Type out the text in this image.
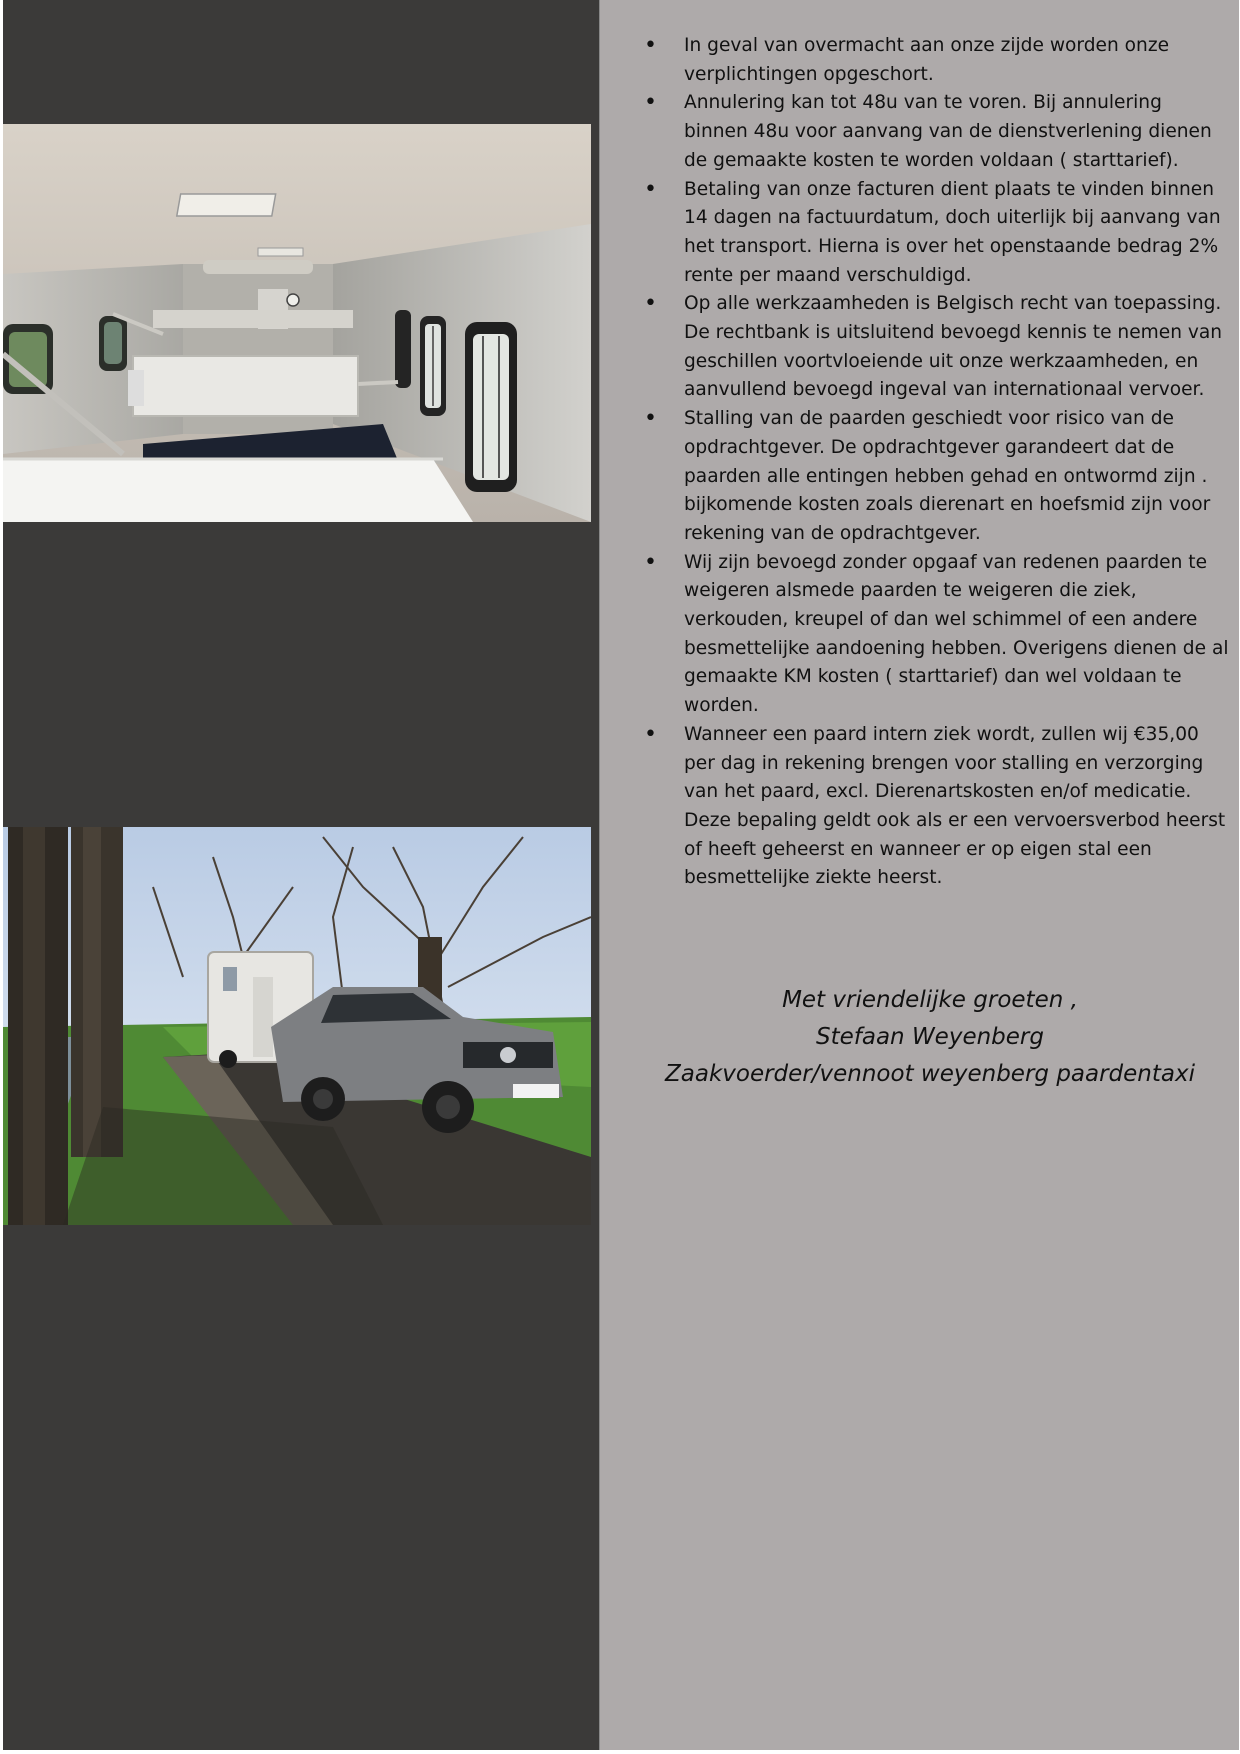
• In geval van overmacht aan onze zijde worden onze verplichtingen opgeschort.
• Annulering kan tot 48u van te voren. Bij annulering binnen 48u voor aanvang van de dienstverlening dienen de gemaakte kosten te worden voldaan ( starttarief).
• Betaling van onze facturen dient plaats te vinden binnen 14 dagen na factuurdatum, doch uiterlijk bij aanvang van het transport. Hierna is over het openstaande bedrag 2% rente per maand verschuldigd.
• Op alle werkzaamheden is Belgisch recht van toepassing. De rechtbank is uitsluitend bevoegd kennis te nemen van geschillen voortvloeiende uit onze werkzaamheden, en aanvullend bevoegd ingeval van internationaal vervoer.
• Stalling van de paarden geschiedt voor risico van de opdrachtgever. De opdrachtgever garandeert dat de paarden alle entingen hebben gehad en ontwormd zijn . bijkomende kosten zoals dierenart en hoefsmid zijn voor rekening van de opdrachtgever.
• Wij zijn bevoegd zonder opgaaf van redenen paarden te weigeren alsmede paarden te weigeren die ziek, verkouden, kreupel of dan wel schimmel of een andere besmettelijke aandoening hebben. Overigens dienen de al gemaakte KM kosten ( starttarief) dan wel voldaan te worden.
• Wanneer een paard intern ziek wordt, zullen wij €35,00 per dag in rekening brengen voor stalling en verzorging van het paard, excl. Dierenartskosten en/of medicatie. Deze bepaling geldt ook als er een vervoersverbod heerst of heeft geheerst en wanneer er op eigen stal een besmettelijke ziekte heerst.
Met vriendelijke groeten ,
Stefaan Weyenberg
Zaakvoerder/vennoot weyenberg paardentaxi
